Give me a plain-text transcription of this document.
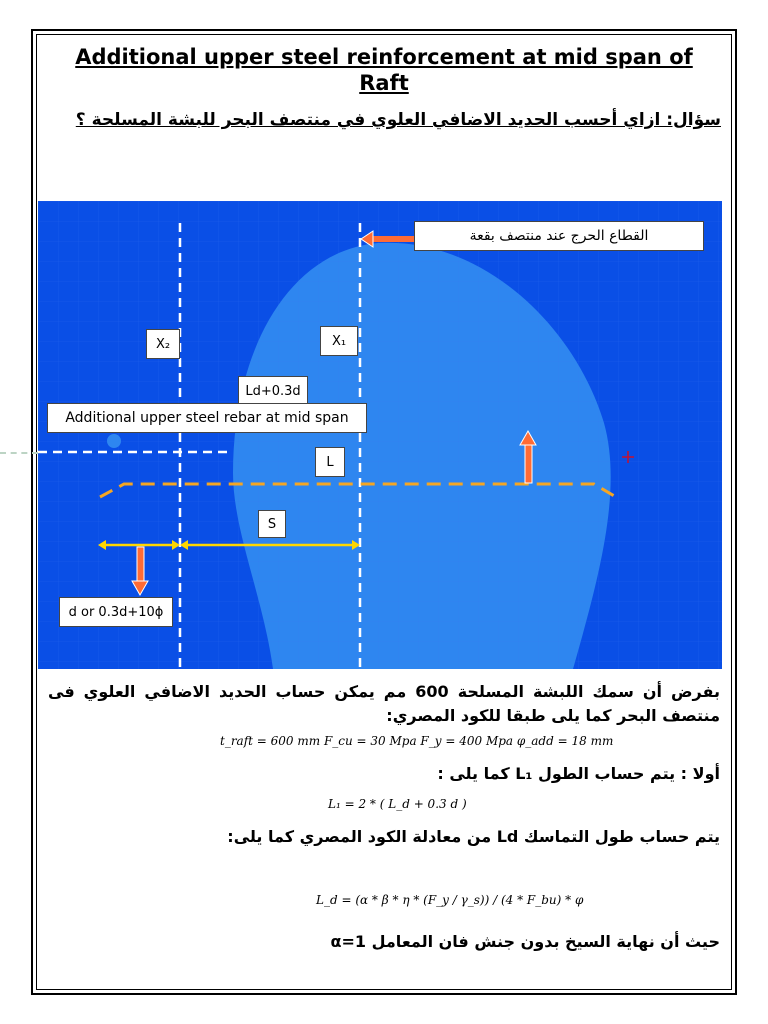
Additional upper steel reinforcement at mid span of Raft
سؤال: ازاي أحسب الحديد الاضافي العلوي في منتصف البحر للبشة المسلحة ؟
القطاع الحرج عند منتصف بقعة
X₂	X₁
Ld+0.3d
Additional upper steel rebar at mid span
L
S
d or 0.3d+10ϕ
بفرض أن سمك اللبشة المسلحة 600 مم يمكن حساب الحديد الاضافي العلوي فى منتصف البحر كما يلى طبقا للكود المصري:
t_raft = 600 mm F_cu = 30 Mpa F_y = 400 Mpa φ_add = 18 mm
أولا : يتم حساب الطول L₁ كما يلى :
L₁ = 2 * ( L_d + 0.3 d )
يتم حساب طول التماسك Ld من معادلة الكود المصري كما يلى:
L_d = (α * β * η * (F_y / γ_s)) / (4 * F_bu) * φ
حيث أن نهاية السيخ بدون جنش فان المعامل α=1
